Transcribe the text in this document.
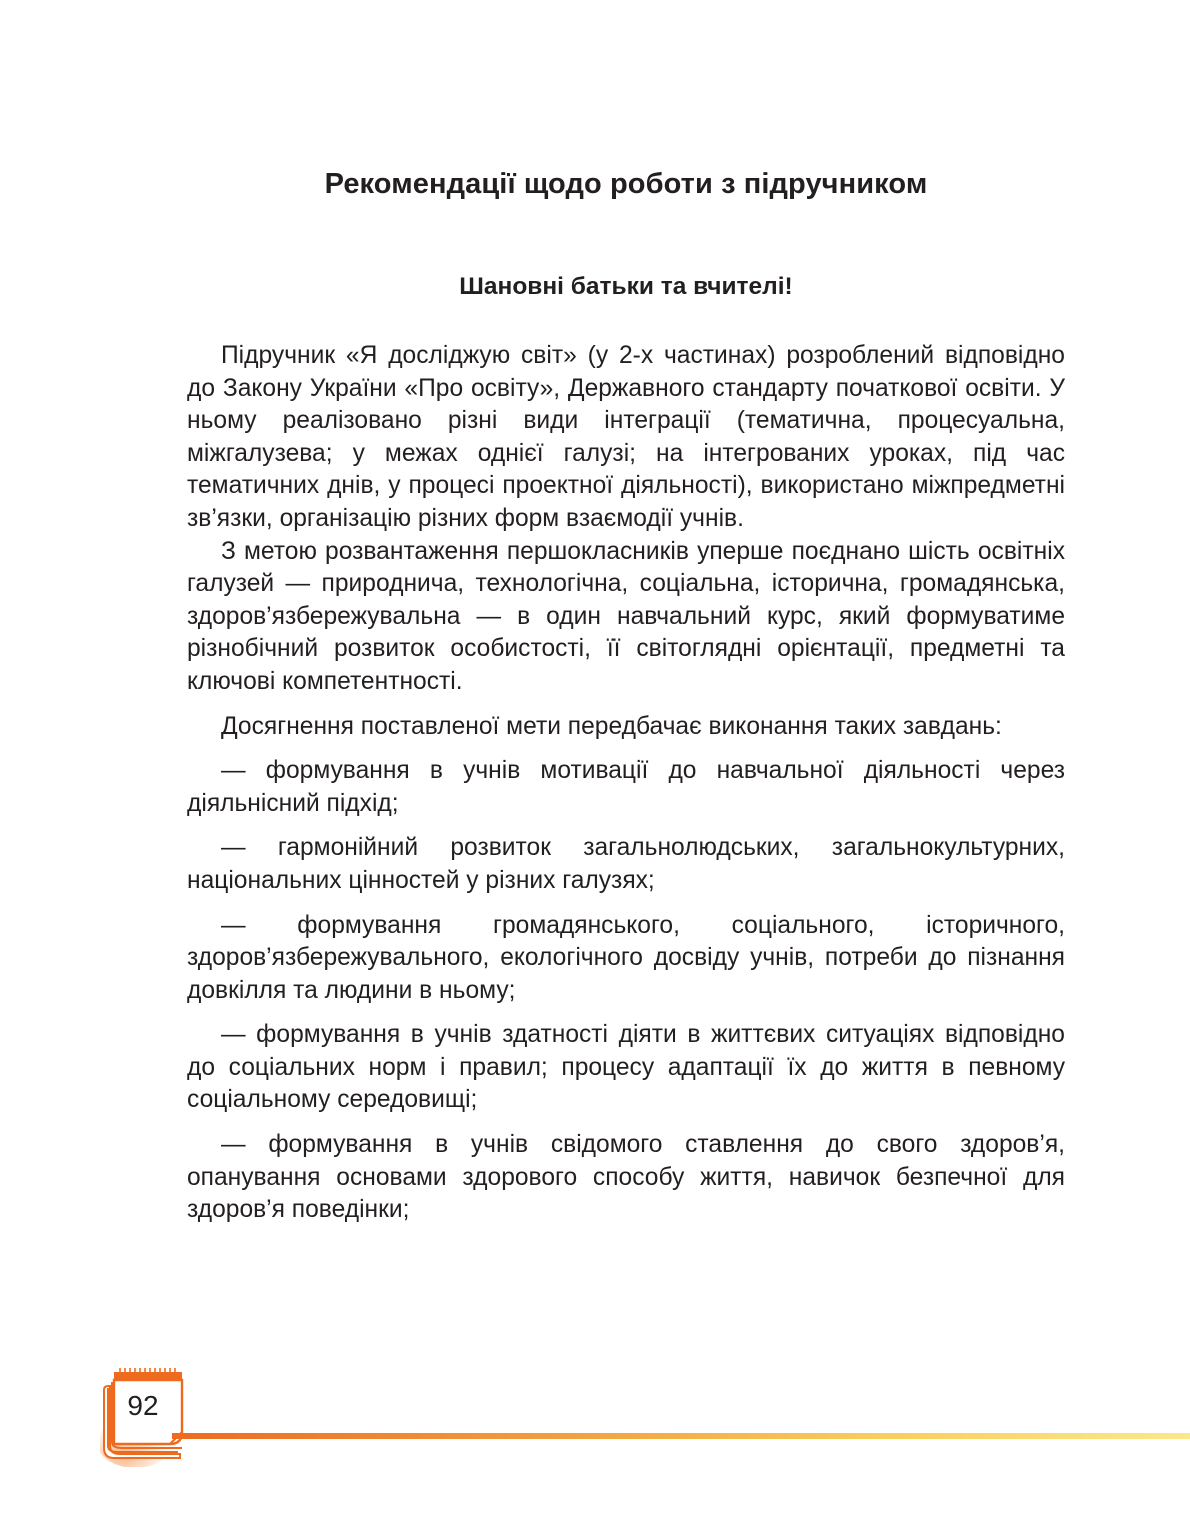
Рекомендації щодо роботи з підручником
Шановні батьки та вчителі!

Підручник «Я досліджую світ» (у 2-х частинах) розроблений відповідно до Закону України «Про освіту», Державного стандарту початкової освіти. У ньому реалізовано різні види інтеграції (тематична, процесуальна, міжгалузева; у межах однієї галузі; на інтегрованих уроках, під час тематичних днів, у процесі проектної діяльності), використано міжпредметні зв’язки, організацію різних форм взаємодії учнів.

З метою розвантаження першокласників уперше поєднано шість освітніх галузей — природнича, технологічна, соціальна, історична, громадянська, здоров’язбережувальна — в один навчальний курс, який формуватиме різнобічний розвиток особистості, її світоглядні орієнтації, предметні та ключові компетентності.

Досягнення поставленої мети передбачає виконання таких завдань:

— формування в учнів мотивації до навчальної діяльності через діяльнісний підхід;

— гармонійний розвиток загальнолюдських, загальнокультурних, національних цінностей у різних галузях;

— формування громадянського, соціального, історичного, здоров’язбережувального, екологічного досвіду учнів, потреби до пізнання довкілля та людини в ньому;

— формування в учнів здатності діяти в життєвих ситуаціях відповідно до соціальних норм і правил; процесу адаптації їх до життя в певному соціальному середовищі;

— формування в учнів свідомого ставлення до свого здоров’я, опанування основами здорового способу життя, навичок безпечної для здоров’я поведінки;

92
